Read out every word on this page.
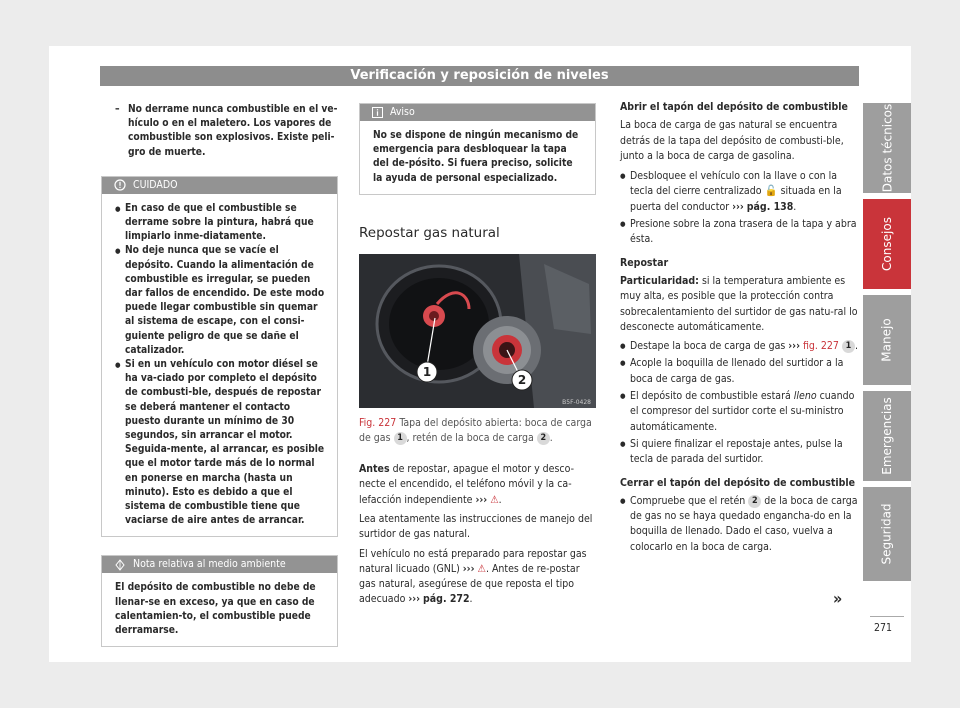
Verificación y reposición de niveles
– No derrame nunca combustible en el ve-hículo o en el maletero. Los vapores de combustible son explosivos. Existe peli-gro de muerte.
CUIDADO
● En caso de que el combustible se derrame sobre la pintura, habrá que limpiarlo inme-diatamente.
● No deje nunca que se vacíe el depósito. Cuando la alimentación de combustible es irregular, se pueden dar fallos de encendido. De este modo puede llegar combustible sin quemar al sistema de escape, con el consi-guiente peligro de que se dañe el catalizador.
● Si en un vehículo con motor diésel se ha va-ciado por completo el depósito de combusti-ble, después de repostar se deberá mantener el contacto puesto durante un mínimo de 30 segundos, sin arrancar el motor. Seguida-mente, al arrancar, es posible que el motor tarde más de lo normal en ponerse en marcha (hasta un minuto). Esto es debido a que el sistema de combustible tiene que vaciarse de aire antes de arrancar.
Nota relativa al medio ambiente
El depósito de combustible no debe de llenar-se en exceso, ya que en caso de calentamien-to, el combustible puede derramarse.
Aviso
No se dispone de ningún mecanismo de emergencia para desbloquear la tapa del de-pósito. Si fuera preciso, solicite la ayuda de personal especializado.
Repostar gas natural
1
2
B5F-0428
Fig. 227 Tapa del depósito abierta: boca de carga de gas 1 , retén de la boca de carga 2 .
Antes de repostar, apague el motor y desco-necte el encendido, el teléfono móvil y la ca-lefacción independiente ››› ⚠.
Lea atentamente las instrucciones de manejo del surtidor de gas natural.
El vehículo no está preparado para repostar gas natural licuado (GNL) ››› ⚠. Antes de re-postar gas natural, asegúrese de que reposta el tipo adecuado ››› pág. 272.
Abrir el tapón del depósito de combustible
La boca de carga de gas natural se encuentra detrás de la tapa del depósito de combusti-ble, junto a la boca de carga de gasolina.
● Desbloquee el vehículo con la llave o con la tecla del cierre centralizado 🔓 situada en la puerta del conductor ››› pág. 138.
● Presione sobre la zona trasera de la tapa y abra ésta.
Repostar
Particularidad: si la temperatura ambiente es muy alta, es posible que la protección contra sobrecalentamiento del surtidor de gas natu-ral lo desconecte automáticamente.
● Destape la boca de carga de gas ››› fig. 227 1 .
● Acople la boquilla de llenado del surtidor a la boca de carga de gas.
● El depósito de combustible estará lleno cuando el compresor del surtidor corte el su-ministro automáticamente.
● Si quiere finalizar el repostaje antes, pulse la tecla de parada del surtidor.
Cerrar el tapón del depósito de combustible
● Compruebe que el retén 2 de la boca de carga de gas no se haya quedado engancha-do en la boquilla de llenado. Dado el caso, vuelva a colocarlo en la boca de carga.
»
Datos técnicos
Consejos
Manejo
Emergencias
Seguridad
271
